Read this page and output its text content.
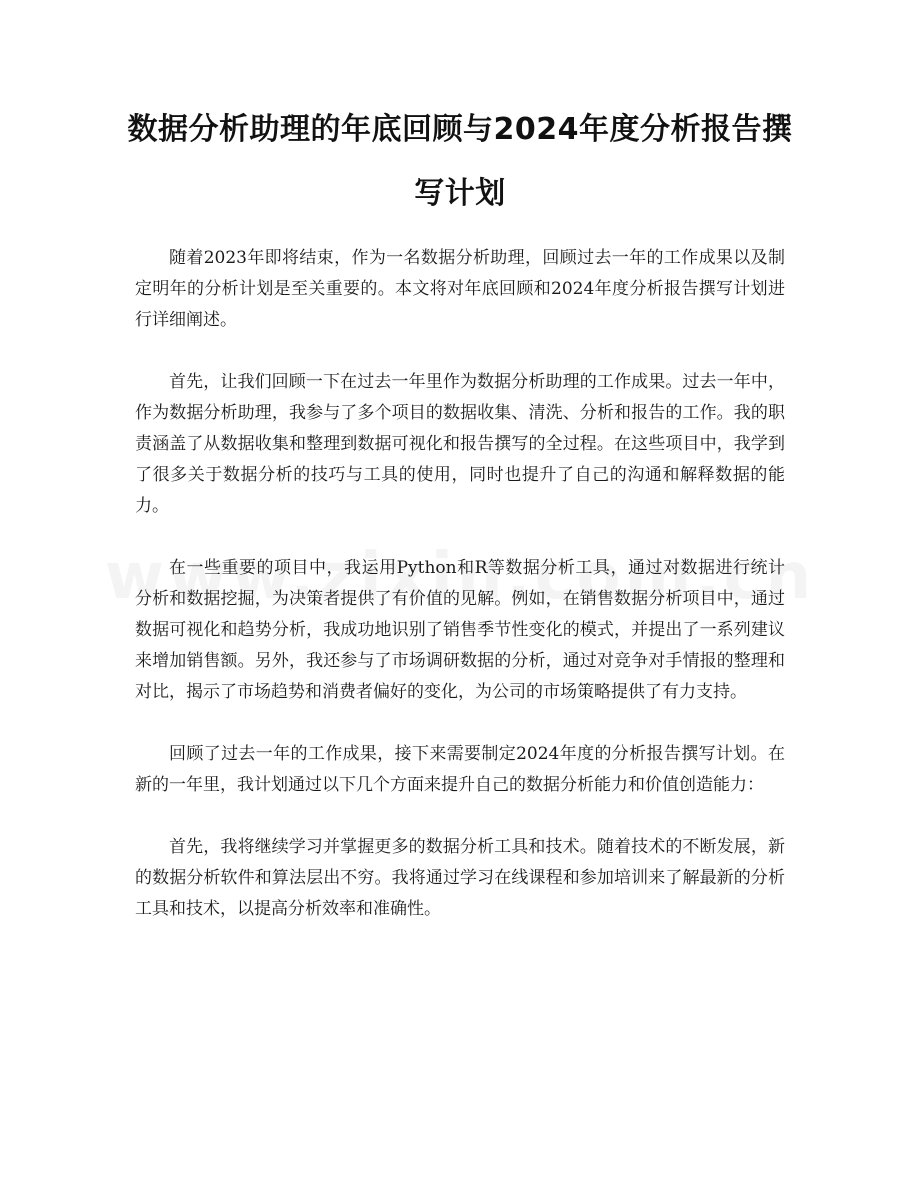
数据分析助理的年底回顾与2024年度分析报告撰写计划

随着2023年即将结束，作为一名数据分析助理，回顾过去一年的工作成果以及制定明年的分析计划是至关重要的。本文将对年底回顾和2024年度分析报告撰写计划进行详细阐述。

首先，让我们回顾一下在过去一年里作为数据分析助理的工作成果。过去一年中，作为数据分析助理，我参与了多个项目的数据收集、清洗、分析和报告的工作。我的职责涵盖了从数据收集和整理到数据可视化和报告撰写的全过程。在这些项目中，我学到了很多关于数据分析的技巧与工具的使用，同时也提升了自己的沟通和解释数据的能力。

在一些重要的项目中，我运用Python和R等数据分析工具，通过对数据进行统计分析和数据挖掘，为决策者提供了有价值的见解。例如，在销售数据分析项目中，通过数据可视化和趋势分析，我成功地识别了销售季节性变化的模式，并提出了一系列建议来增加销售额。另外，我还参与了市场调研数据的分析，通过对竞争对手情报的整理和对比，揭示了市场趋势和消费者偏好的变化，为公司的市场策略提供了有力支持。

回顾了过去一年的工作成果，接下来需要制定2024年度的分析报告撰写计划。在新的一年里，我计划通过以下几个方面来提升自己的数据分析能力和价值创造能力：

首先，我将继续学习并掌握更多的数据分析工具和技术。随着技术的不断发展，新的数据分析软件和算法层出不穷。我将通过学习在线课程和参加培训来了解最新的分析工具和技术，以提高分析效率和准确性。
